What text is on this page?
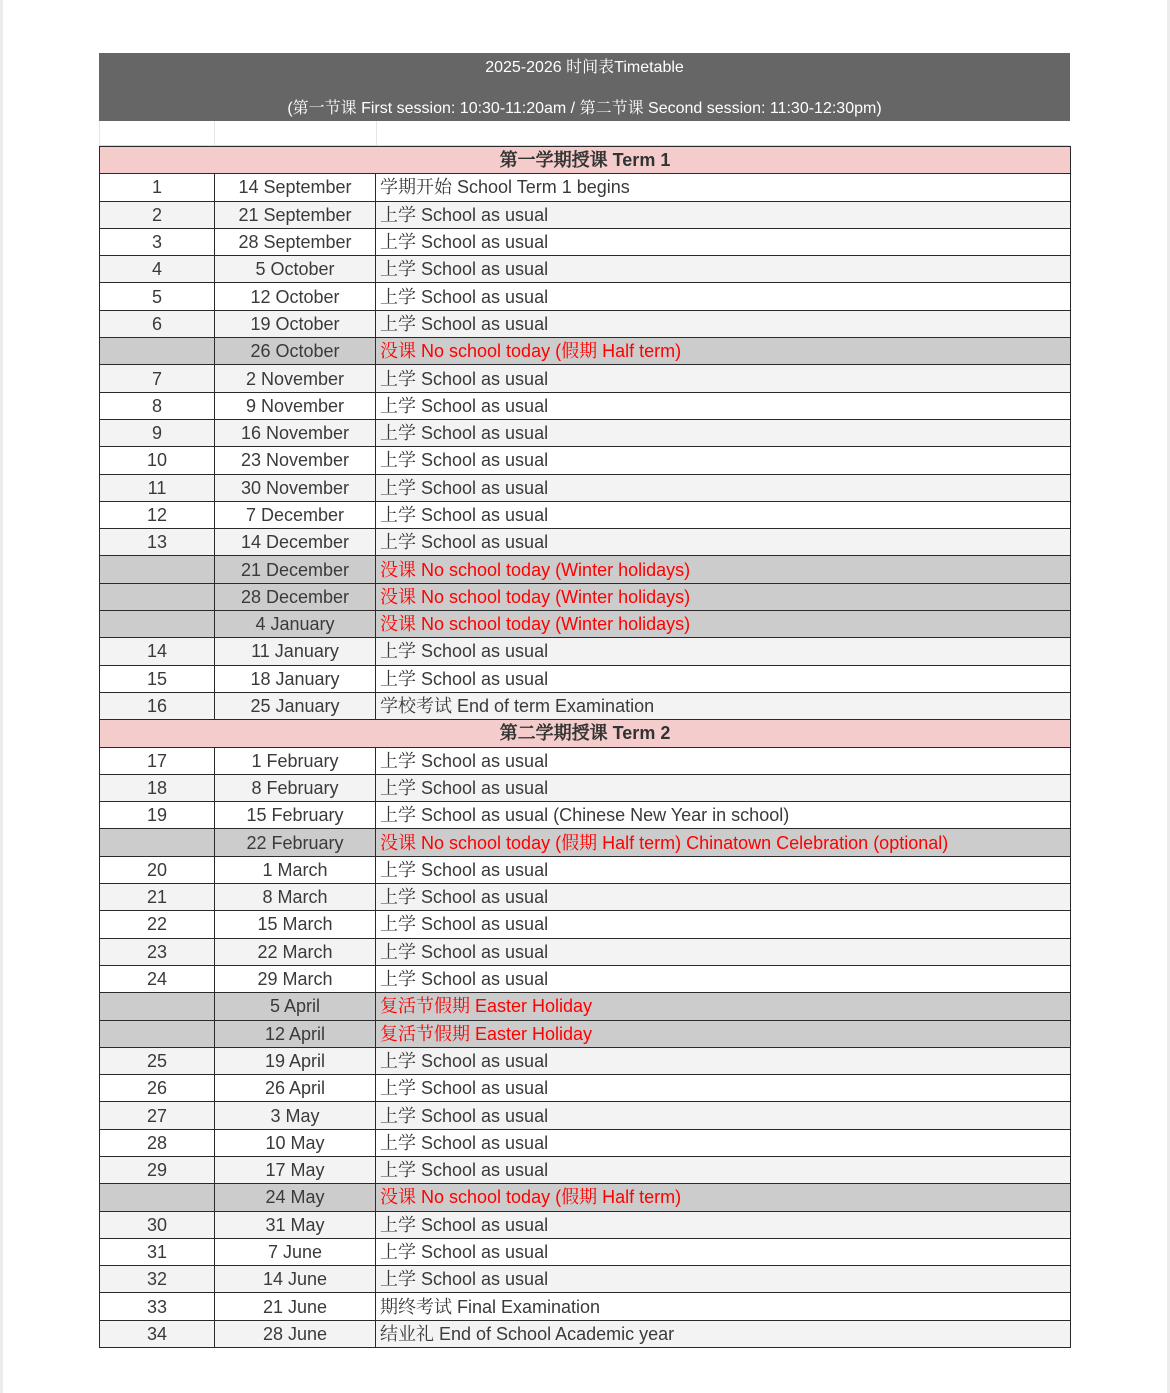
2025-2026 时间表Timetable
(第一节课 First session: 10:30-11:20am / 第二节课 Second session: 11:30-12:30pm)
第一学期授课 Term 1		
1	14 September	学期开始 School Term 1 begins
2	21 September	上学 School as usual
3	28 September	上学 School as usual
4	5 October	上学 School as usual
5	12 October	上学 School as usual
6	19 October	上学 School as usual
	26 October	没课 No school today (假期 Half term)
7	2 November	上学 School as usual
8	9 November	上学 School as usual
9	16 November	上学 School as usual
10	23 November	上学 School as usual
11	30 November	上学 School as usual
12	7 December	上学 School as usual
13	14 December	上学 School as usual
	21 December	没课 No school today (Winter holidays)
	28 December	没课 No school today (Winter holidays)
	4 January	没课 No school today (Winter holidays)
14	11 January	上学 School as usual
15	18 January	上学 School as usual
16	25 January	学校考试 End of term Examination
第二学期授课 Term 2		
17	1 February	上学 School as usual
18	8 February	上学 School as usual
19	15 February	上学 School as usual (Chinese New Year in school)
	22 February	没课 No school today (假期 Half term) Chinatown Celebration (optional)
20	1 March	上学 School as usual
21	8 March	上学 School as usual
22	15 March	上学 School as usual
23	22 March	上学 School as usual
24	29 March	上学 School as usual
	5 April	复活节假期 Easter Holiday
	12 April	复活节假期 Easter Holiday
25	19 April	上学 School as usual
26	26 April	上学 School as usual
27	3 May	上学 School as usual
28	10 May	上学 School as usual
29	17 May	上学 School as usual
	24 May	没课 No school today (假期 Half term)
30	31 May	上学 School as usual
31	7 June	上学 School as usual
32	14 June	上学 School as usual
33	21 June	期终考试 Final Examination
34	28 June	结业礼 End of School Academic year
